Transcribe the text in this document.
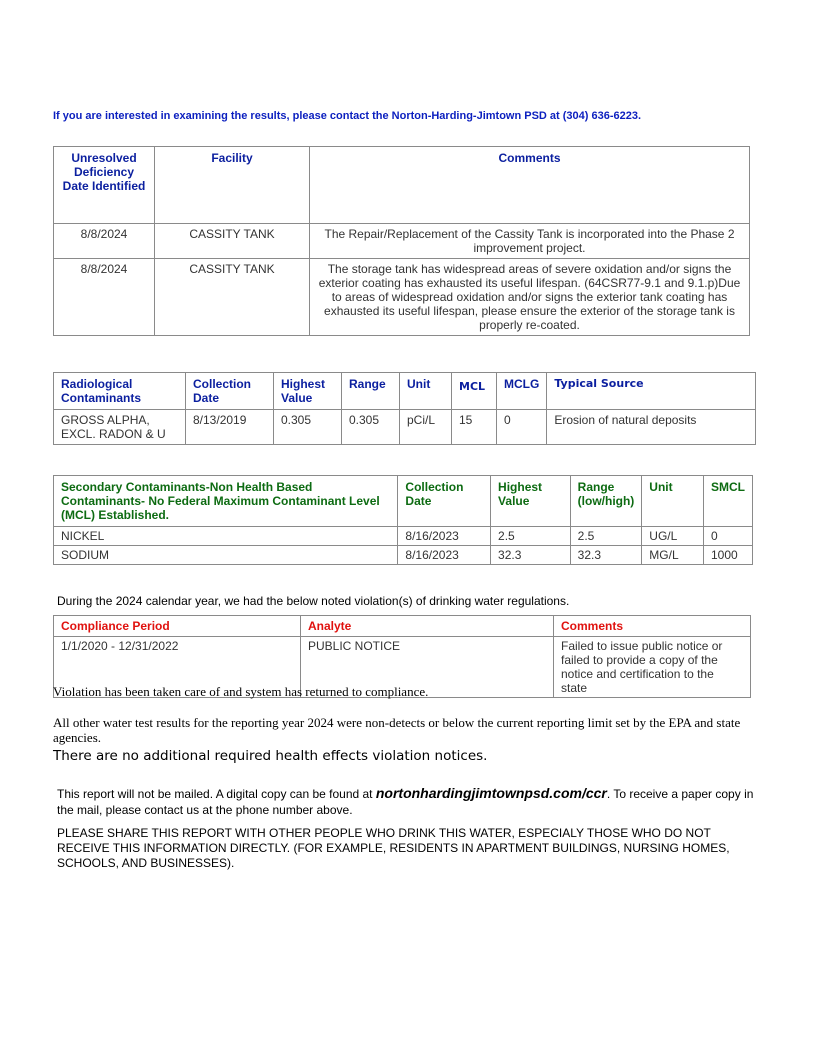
If you are interested in examining the results, please contact the Norton-Harding-Jimtown PSD at (304) 636-6223.
Unresolved Deficiency Date Identified	Facility	Comments
8/8/2024	CASSITY TANK	The Repair/Replacement of the Cassity Tank is incorporated into the Phase 2 improvement project.
8/8/2024	CASSITY TANK	The storage tank has widespread areas of severe oxidation and/or signs the exterior coating has exhausted its useful lifespan. (64CSR77-9.1 and 9.1.p)Due to areas of widespread oxidation and/or signs the exterior tank coating has exhausted its useful lifespan, please ensure the exterior of the storage tank is properly re-coated.
Radiological Contaminants	Collection Date	Highest Value	Range	Unit	MCL	MCLG	Typical Source
GROSS ALPHA, EXCL. RADON & U	8/13/2019	0.305	0.305	pCi/L	15	0	Erosion of natural deposits
Secondary Contaminants-Non Health Based Contaminants- No Federal Maximum Contaminant Level (MCL) Established.	Collection Date	Highest Value	Range (low/high)	Unit	SMCL
NICKEL	8/16/2023	2.5	2.5	UG/L	0
SODIUM	8/16/2023	32.3	32.3	MG/L	1000
During the 2024 calendar year, we had the below noted violation(s) of drinking water regulations.
Compliance Period	Analyte	Comments
1/1/2020 - 12/31/2022	PUBLIC NOTICE	Failed to issue public notice or failed to provide a copy of the notice and certification to the state
Violation has been taken care of and system has returned to compliance.
All other water test results for the reporting year 2024 were non-detects or below the current reporting limit set by the EPA and state agencies.
There are no additional required health effects violation notices.
This report will not be mailed. A digital copy can be found at nortonhardingjimtownpsd.com/ccr. To receive a paper copy in the mail, please contact us at the phone number above.
PLEASE SHARE THIS REPORT WITH OTHER PEOPLE WHO DRINK THIS WATER, ESPECIALY THOSE WHO DO NOT RECEIVE THIS INFORMATION DIRECTLY. (FOR EXAMPLE, RESIDENTS IN APARTMENT BUILDINGS, NURSING HOMES, SCHOOLS, AND BUSINESSES).
